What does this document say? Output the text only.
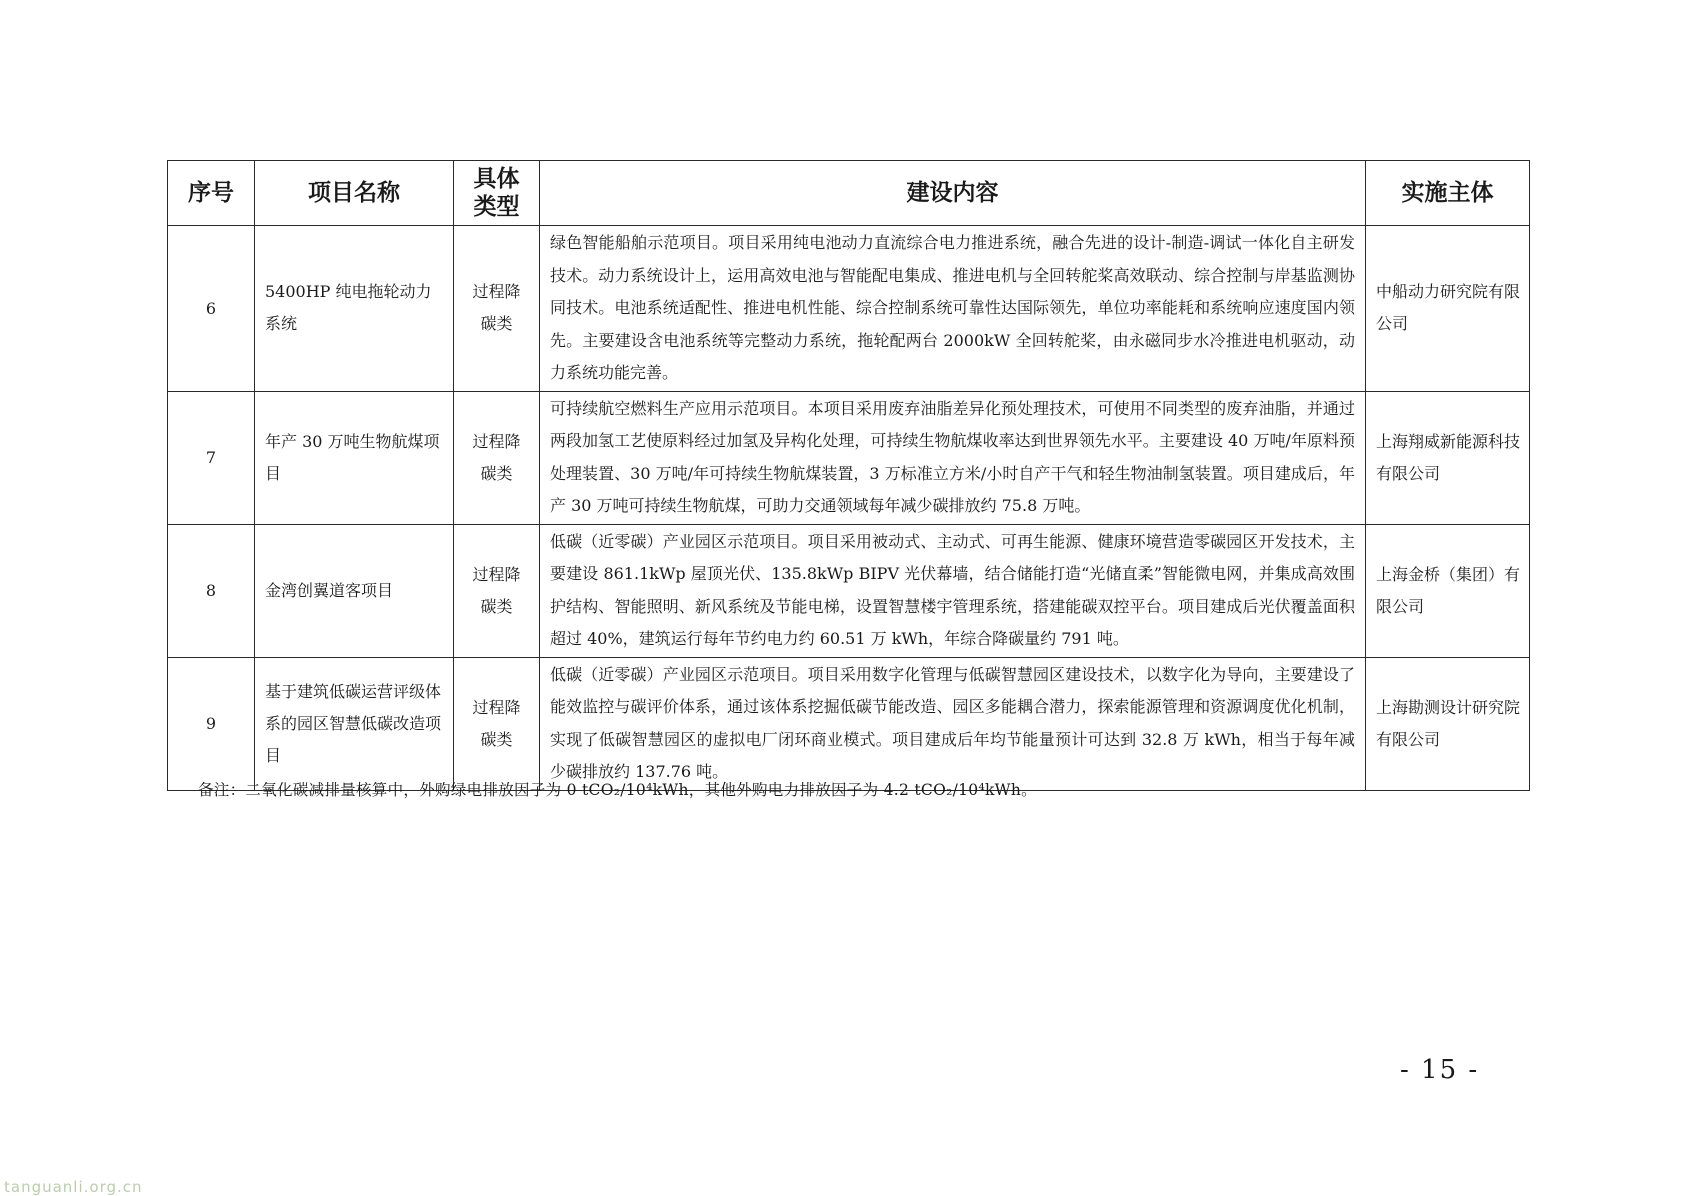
序号	项目名称	具体类型	建设内容	实施主体
6	5400HP 纯电拖轮动力系统	过程降碳类	绿色智能船舶示范项目。项目采用纯电池动力直流综合电力推进系统，融合先进的设计-制造-调试一体化自主研发技术。动力系统设计上，运用高效电池与智能配电集成、推进电机与全回转舵桨高效联动、综合控制与岸基监测协同技术。电池系统适配性、推进电机性能、综合控制系统可靠性达国际领先，单位功率能耗和系统响应速度国内领先。主要建设含电池系统等完整动力系统，拖轮配两台 2000kW 全回转舵桨，由永磁同步水冷推进电机驱动，动力系统功能完善。	中船动力研究院有限公司
7	年产 30 万吨生物航煤项目	过程降碳类	可持续航空燃料生产应用示范项目。本项目采用废弃油脂差异化预处理技术，可使用不同类型的废弃油脂，并通过两段加氢工艺使原料经过加氢及异构化处理，可持续生物航煤收率达到世界领先水平。主要建设 40 万吨/年原料预处理装置、30 万吨/年可持续生物航煤装置，3 万标准立方米/小时自产干气和轻生物油制氢装置。项目建成后，年产 30 万吨可持续生物航煤，可助力交通领域每年减少碳排放约 75.8 万吨。	上海翔威新能源科技有限公司
8	金湾创翼道客项目	过程降碳类	低碳（近零碳）产业园区示范项目。项目采用被动式、主动式、可再生能源、健康环境营造零碳园区开发技术，主要建设 861.1kWp 屋顶光伏、135.8kWp BIPV 光伏幕墙，结合储能打造“光储直柔”智能微电网，并集成高效围护结构、智能照明、新风系统及节能电梯，设置智慧楼宇管理系统，搭建能碳双控平台。项目建成后光伏覆盖面积超过 40%，建筑运行每年节约电力约 60.51 万 kWh，年综合降碳量约 791 吨。	上海金桥（集团）有限公司
9	基于建筑低碳运营评级体系的园区智慧低碳改造项目	过程降碳类	低碳（近零碳）产业园区示范项目。项目采用数字化管理与低碳智慧园区建设技术，以数字化为导向，主要建设了能效监控与碳评价体系，通过该体系挖掘低碳节能改造、园区多能耦合潜力，探索能源管理和资源调度优化机制，实现了低碳智慧园区的虚拟电厂闭环商业模式。项目建成后年均节能量预计可达到 32.8 万 kWh，相当于每年减少碳排放约 137.76 吨。	上海勘测设计研究院有限公司
备注：二氧化碳减排量核算中，外购绿电排放因子为 0 tCO₂/10⁴kWh，其他外购电力排放因子为 4.2 tCO₂/10⁴kWh。
- 15 -
tanguanli.org.cn
